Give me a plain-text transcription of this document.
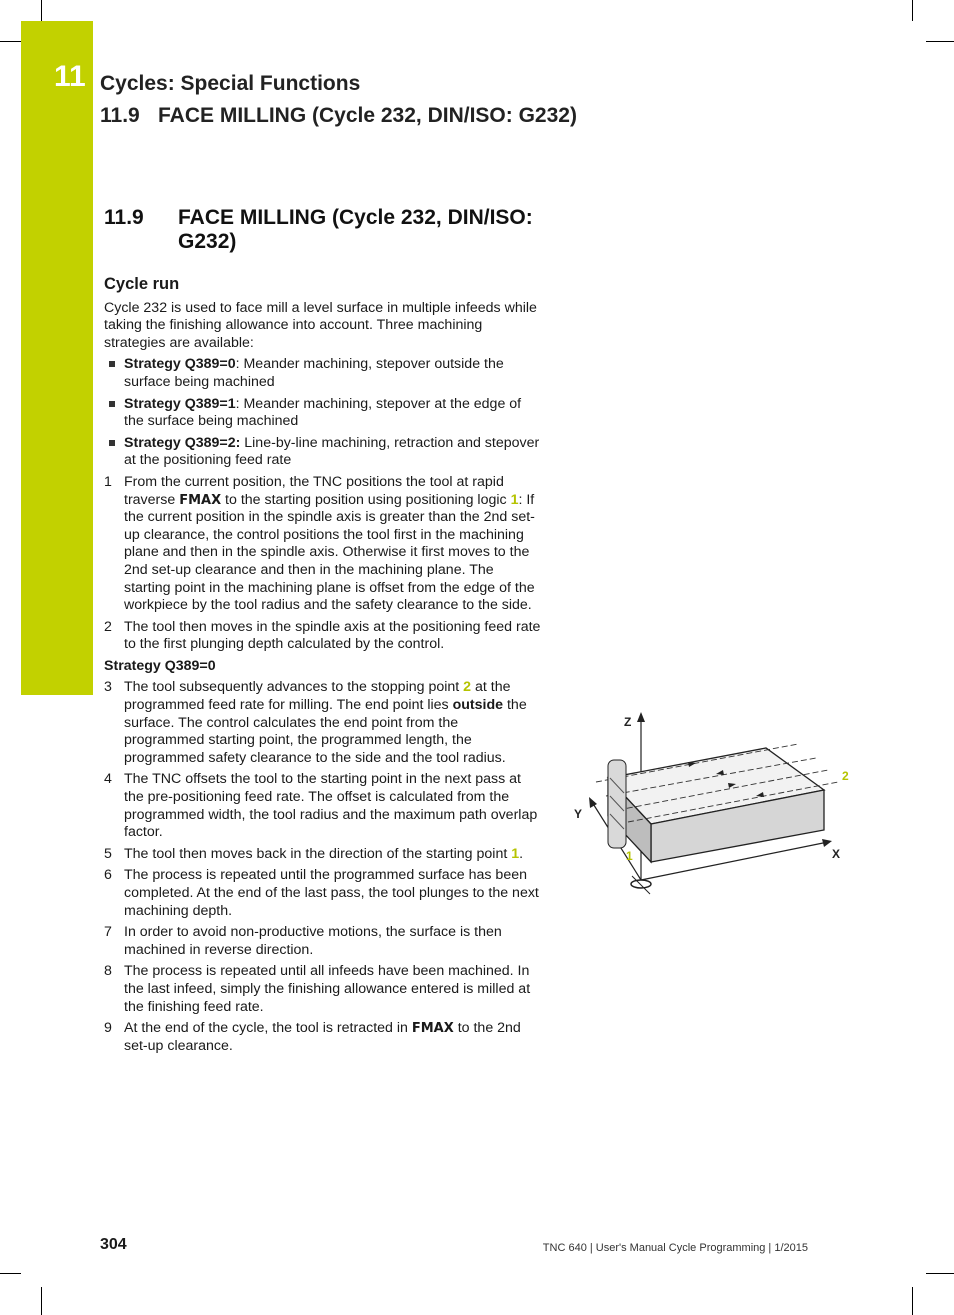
11 Cycles: Special Functions
11.9 FACE MILLING (Cycle 232, DIN/ISO: G232)
11.9 FACE MILLING (Cycle 232, DIN/ISO: G232)
Cycle run

Cycle 232 is used to face mill a level surface in multiple infeeds while taking the finishing allowance into account. Three machining strategies are available:

Strategy Q389=0: Meander machining, stepover outside the surface being machined
Strategy Q389=1: Meander machining, stepover at the edge of the surface being machined
Strategy Q389=2: Line-by-line machining, retraction and stepover at the positioning feed rate
1 From the current position, the TNC positions the tool at rapid traverse FMAX to the starting position using positioning logic 1: If the current position in the spindle axis is greater than the 2nd set-up clearance, the control positions the tool first in the machining plane and then in the spindle axis. Otherwise it first moves to the 2nd set-up clearance and then in the machining plane. The starting point in the machining plane is offset from the edge of the workpiece by the tool radius and the safety clearance to the side.
2 The tool then moves in the spindle axis at the positioning feed rate to the first plunging depth calculated by the control.
Strategy Q389=0
3 The tool subsequently advances to the stopping point 2 at the programmed feed rate for milling. The end point lies outside the surface. The control calculates the end point from the programmed starting point, the programmed length, the programmed safety clearance to the side and the tool radius.
4 The TNC offsets the tool to the starting point in the next pass at the pre-positioning feed rate. The offset is calculated from the programmed width, the tool radius and the maximum path overlap factor.
5 The tool then moves back in the direction of the starting point 1.
6 The process is repeated until the programmed surface has been completed. At the end of the last pass, the tool plunges to the next machining depth.
7 In order to avoid non-productive motions, the surface is then machined in reverse direction.
8 The process is repeated until all infeeds have been machined. In the last infeed, simply the finishing allowance entered is milled at the finishing feed rate.
9 At the end of the cycle, the tool is retracted in FMAX to the 2nd set-up clearance.
Z
Y
X
1
2
304	TNC 640 | User's Manual Cycle Programming | 1/2015
